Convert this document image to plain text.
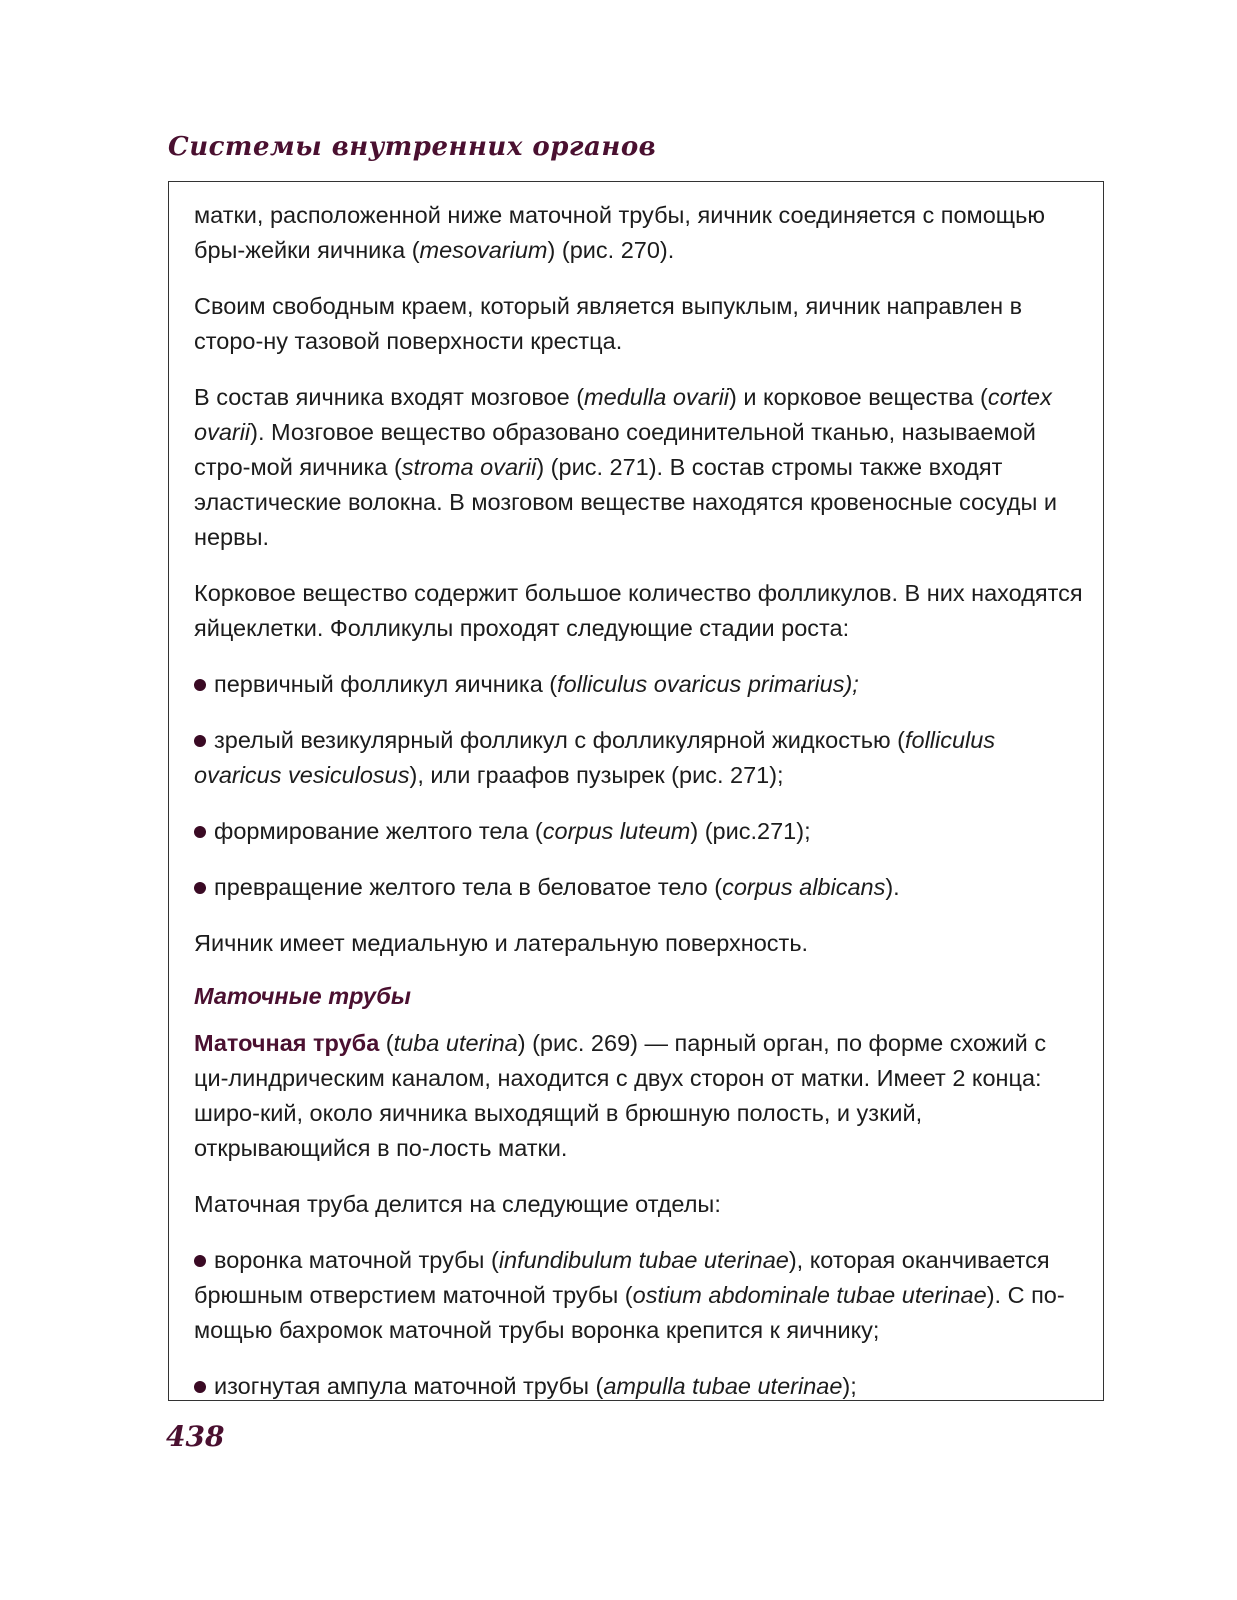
Системы внутренних органов

матки, расположенной ниже маточной трубы, яичник соединяется с помощью бры-жейки яичника (mesovarium) (рис. 270).

Своим свободным краем, который является выпуклым, яичник направлен в сторо-ну тазовой поверхности крестца.

В состав яичника входят мозговое (medulla ovarii) и корковое вещества (cortex ovarii). Мозговое вещество образовано соединительной тканью, называемой стро-мой яичника (stroma ovarii) (рис. 271). В состав стромы также входят эластические волокна. В мозговом веществе находятся кровеносные сосуды и нервы.

Корковое вещество содержит большое количество фолликулов. В них находятся яйцеклетки. Фолликулы проходят следующие стадии роста:

первичный фолликул яичника (folliculus ovaricus primarius);

зрелый везикулярный фолликул с фолликулярной жидкостью (folliculus ovaricus vesiculosus), или граафов пузырек (рис. 271);

формирование желтого тела (corpus luteum) (рис.271);

превращение желтого тела в беловатое тело (corpus albicans).

Яичник имеет медиальную и латеральную поверхность.

Маточные трубы

Маточная труба (tuba uterina) (рис. 269) — парный орган, по форме схожий с ци-линдрическим каналом, находится с двух сторон от матки. Имеет 2 конца: широ-кий, около яичника выходящий в брюшную полость, и узкий, открывающийся в по-лость матки.

Маточная труба делится на следующие отделы:

воронка маточной трубы (infundibulum tubae uterinae), которая оканчивается брюшным отверстием маточной трубы (ostium abdominale tubae uterinae). С по-мощью бахромок маточной трубы воронка крепится к яичнику;

изогнутая ампула маточной трубы (ampulla tubae uterinae);

438
